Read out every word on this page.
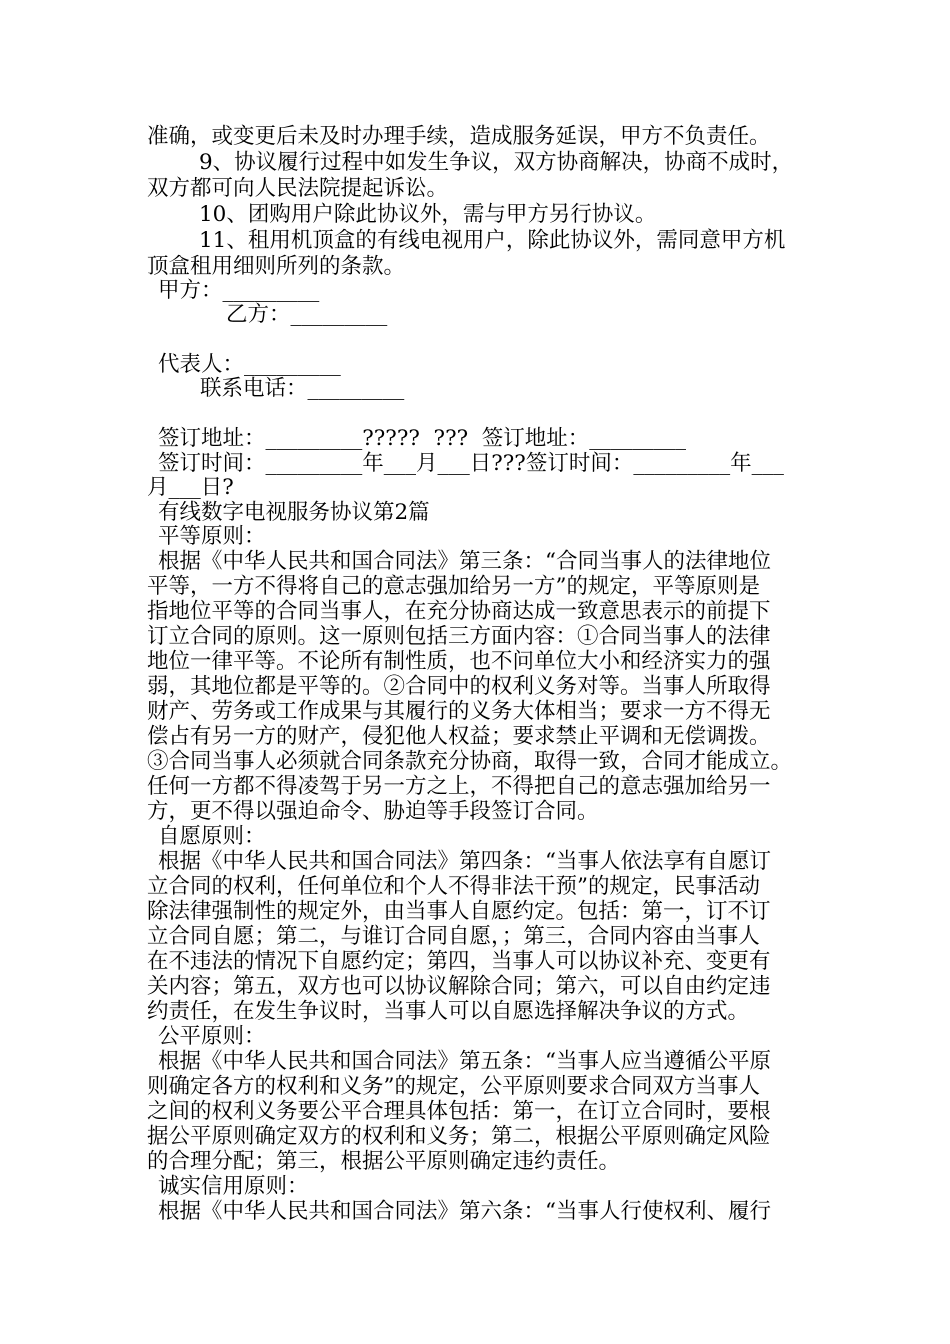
准确，或变更后未及时办理手续，造成服务延误，甲方不负责任。
9、协议履行过程中如发生争议，双方协商解决，协商不成时，
双方都可向人民法院提起诉讼。
10、团购用户除此协议外，需与甲方另行协议。
11、租用机顶盒的有线电视用户，除此协议外，需同意甲方机
顶盒租用细则所列的条款。
甲方：_________
乙方：_________
代表人：_________
联系电话：_________
签订地址：_________?????  ???  签订地址：_________
签订时间：_________年___月___日???签订时间：_________年___
月___日?
有线数字电视服务协议第2篇
平等原则：
根据《中华人民共和国合同法》第三条：“合同当事人的法律地位
平等，一方不得将自己的意志强加给另一方”的规定，平等原则是
指地位平等的合同当事人，在充分协商达成一致意思表示的前提下
订立合同的原则。这一原则包括三方面内容：①合同当事人的法律
地位一律平等。不论所有制性质，也不问单位大小和经济实力的强
弱，其地位都是平等的。②合同中的权利义务对等。当事人所取得
财产、劳务或工作成果与其履行的义务大体相当；要求一方不得无
偿占有另一方的财产，侵犯他人权益；要求禁止平调和无偿调拨。
③合同当事人必须就合同条款充分协商，取得一致，合同才能成立。
任何一方都不得凌驾于另一方之上，不得把自己的意志强加给另一
方，更不得以强迫命令、胁迫等手段签订合同。
自愿原则：
根据《中华人民共和国合同法》第四条：“当事人依法享有自愿订
立合同的权利，任何单位和个人不得非法干预”的规定，民事活动
除法律强制性的规定外，由当事人自愿约定。包括：第一，订不订
立合同自愿；第二，与谁订合同自愿，；第三，合同内容由当事人
在不违法的情况下自愿约定；第四，当事人可以协议补充、变更有
关内容；第五，双方也可以协议解除合同；第六，可以自由约定违
约责任，在发生争议时，当事人可以自愿选择解决争议的方式。
公平原则：
根据《中华人民共和国合同法》第五条：“当事人应当遵循公平原
则确定各方的权利和义务”的规定，公平原则要求合同双方当事人
之间的权利义务要公平合理具体包括：第一，在订立合同时，要根
据公平原则确定双方的权利和义务；第二，根据公平原则确定风险
的合理分配；第三，根据公平原则确定违约责任。
诚实信用原则：
根据《中华人民共和国合同法》第六条：“当事人行使权利、履行
